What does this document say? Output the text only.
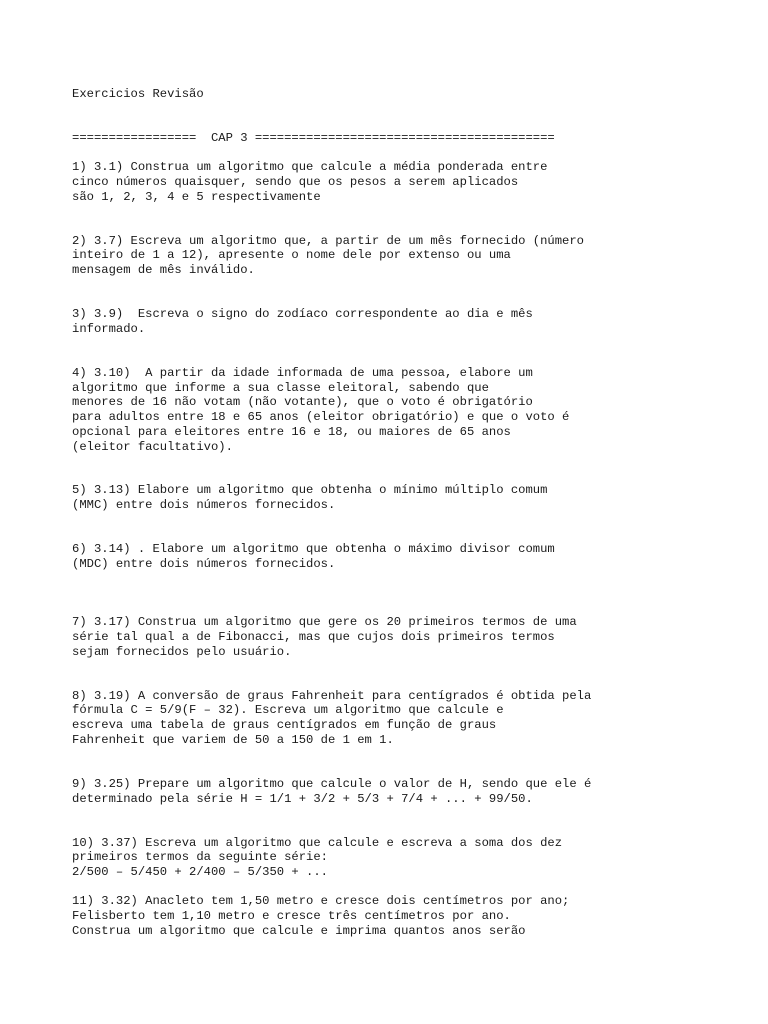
Exercicios Revisão
=================  CAP 3 =========================================
1) 3.1) Construa um algoritmo que calcule a média ponderada entre
cinco números quaisquer, sendo que os pesos a serem aplicados
são 1, 2, 3, 4 e 5 respectivamente
2) 3.7) Escreva um algoritmo que, a partir de um mês fornecido (número
inteiro de 1 a 12), apresente o nome dele por extenso ou uma
mensagem de mês inválido.
3) 3.9)  Escreva o signo do zodíaco correspondente ao dia e mês
informado.
4) 3.10)  A partir da idade informada de uma pessoa, elabore um
algoritmo que informe a sua classe eleitoral, sabendo que
menores de 16 não votam (não votante), que o voto é obrigatório
para adultos entre 18 e 65 anos (eleitor obrigatório) e que o voto é
opcional para eleitores entre 16 e 18, ou maiores de 65 anos
(eleitor facultativo).
5) 3.13) Elabore um algoritmo que obtenha o mínimo múltiplo comum
(MMC) entre dois números fornecidos.
6) 3.14) . Elabore um algoritmo que obtenha o máximo divisor comum
(MDC) entre dois números fornecidos.
7) 3.17) Construa um algoritmo que gere os 20 primeiros termos de uma
série tal qual a de Fibonacci, mas que cujos dois primeiros termos
sejam fornecidos pelo usuário.
8) 3.19) A conversão de graus Fahrenheit para centígrados é obtida pela
fórmula C = 5/9(F – 32). Escreva um algoritmo que calcule e
escreva uma tabela de graus centígrados em função de graus
Fahrenheit que variem de 50 a 150 de 1 em 1.
9) 3.25) Prepare um algoritmo que calcule o valor de H, sendo que ele é
determinado pela série H = 1/1 + 3/2 + 5/3 + 7/4 + ... + 99/50.
10) 3.37) Escreva um algoritmo que calcule e escreva a soma dos dez
primeiros termos da seguinte série:
2/500 – 5/450 + 2/400 – 5/350 + ...
11) 3.32) Anacleto tem 1,50 metro e cresce dois centímetros por ano;
Felisberto tem 1,10 metro e cresce três centímetros por ano.
Construa um algoritmo que calcule e imprima quantos anos serão
